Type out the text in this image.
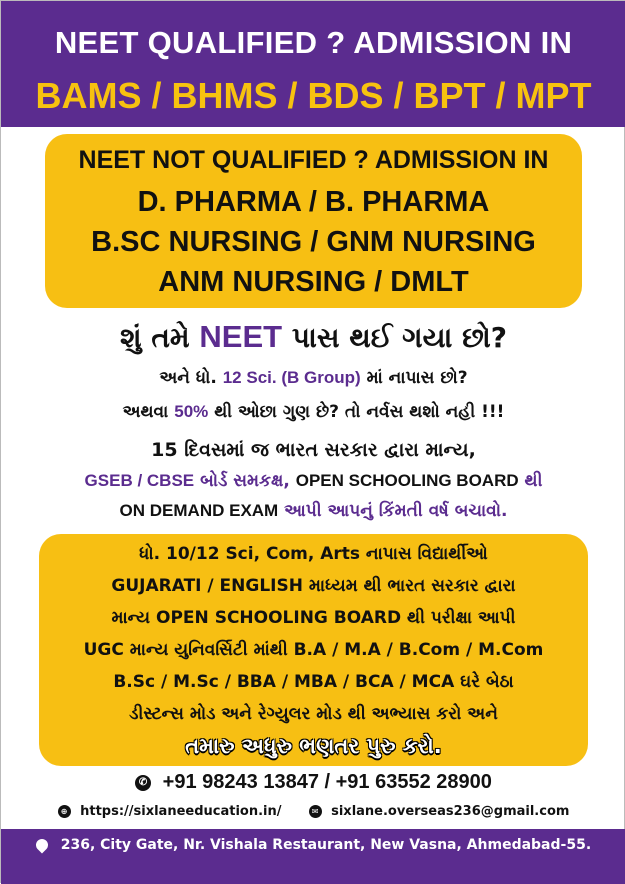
NEET QUALIFIED ? ADMISSION IN
BAMS / BHMS / BDS / BPT / MPT
NEET NOT QUALIFIED ? ADMISSION IN
D. PHARMA / B. PHARMA
B.SC NURSING / GNM NURSING
ANM NURSING / DMLT
શું તમે NEET પાસ થઈ ગયા છો?
અને ધો. 12 Sci. (B Group) માં નાપાસ છો?
અથવા 50% થી ઓછા ગુણ છે? તો નર્વસ થશો નહી !!!
15 દિવસમાં જ ભારત સરકાર દ્વારા માન્ય,
GSEB / CBSE બોર્ડ સમકક્ષ, OPEN SCHOOLING BOARD થી
ON DEMAND EXAM આપી આપનું કિંમતી વર્ષ બચાવો.
ધો. 10/12 Sci, Com, Arts નાપાસ વિદ્યાર્થીઓ
GUJARATI / ENGLISH માધ્યમ થી ભારત સરકાર દ્વારા
માન્ય OPEN SCHOOLING BOARD થી પરીક્ષા આપી
UGC માન્ય યુનિવર્સિટી માંથી B.A / M.A / B.Com / M.Com
B.Sc / M.Sc / BBA / MBA / BCA / MCA ઘરે બેઠા
ડીસ્ટન્સ મોડ અને રેગ્યુલર મોડ થી અભ્યાસ કરો અને
તમારુ અધુરુ ભણતર પુરુ કરો.
✆ +91 98243 13847 / +91 63552 28900
⊕ https://sixlaneeducation.in/	✉ sixlane.overseas236@gmail.com
236, City Gate, Nr. Vishala Restaurant, New Vasna, Ahmedabad-55.
